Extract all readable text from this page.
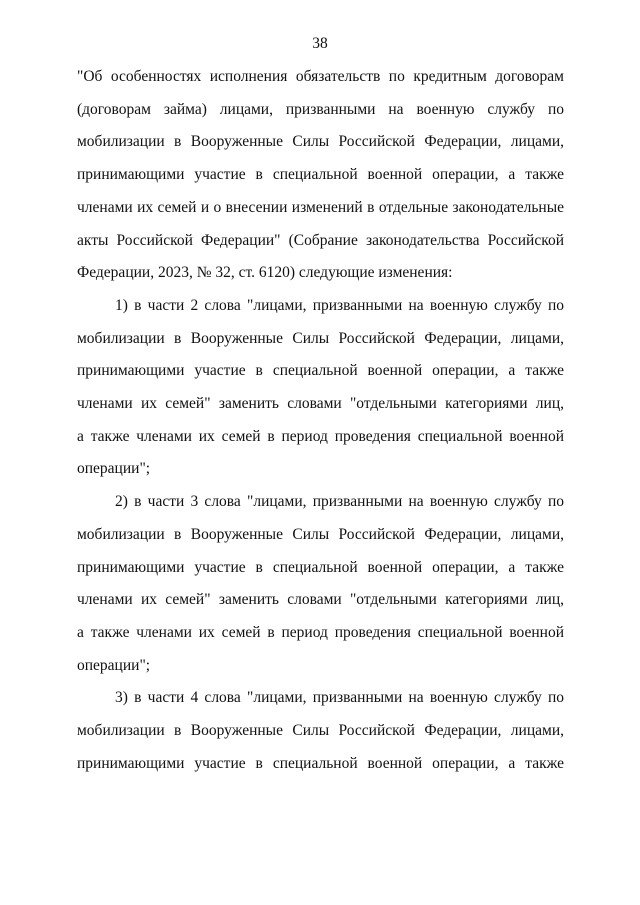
38
"Об особенностях исполнения обязательств по кредитным договорам
(договорам займа) лицами, призванными на военную службу по
мобилизации в Вооруженные Силы Российской Федерации, лицами,
принимающими участие в специальной военной операции, а также
членами их семей и о внесении изменений в отдельные законодательные
акты Российской Федерации" (Собрание законодательства Российской
Федерации, 2023, № 32, ст. 6120) следующие изменения:
1) в части 2 слова "лицами, призванными на военную службу по
мобилизации в Вооруженные Силы Российской Федерации, лицами,
принимающими участие в специальной военной операции, а также
членами их семей" заменить словами "отдельными категориями лиц,
а также членами их семей в период проведения специальной военной
операции";
2) в части 3 слова "лицами, призванными на военную службу по
мобилизации в Вооруженные Силы Российской Федерации, лицами,
принимающими участие в специальной военной операции, а также
членами их семей" заменить словами "отдельными категориями лиц,
а также членами их семей в период проведения специальной военной
операции";
3) в части 4 слова "лицами, призванными на военную службу по
мобилизации в Вооруженные Силы Российской Федерации, лицами,
принимающими участие в специальной военной операции, а также
